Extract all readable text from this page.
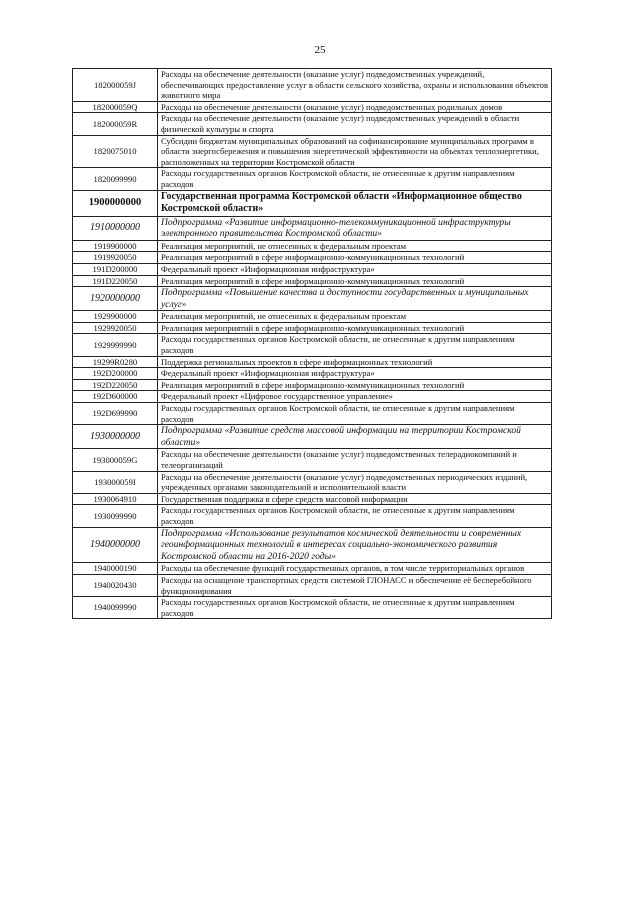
25
182000059J	Расходы на обеспечение деятельности (оказание услуг) подведомственных учреждений, обеспечивающих предоставление услуг в области сельского хозяйства, охраны и использования объектов животного мира
182000059Q	Расходы на обеспечение деятельности (оказание услуг) подведомственных родильных домов
182000059R	Расходы на обеспечение деятельности (оказание услуг) подведомственных учреждений в области физической культуры и спорта
1820075010	Субсидии бюджетам муниципальных образований на софинансирование муниципальных программ в области энергосбережения и повышения энергетической эффективности на объектах теплоэнергетики, расположенных на территории Костромской области
1820099990	Расходы государственных органов Костромской области, не отнесенные к другим направлениям расходов
1900000000	Государственная программа Костромской области «Информационное общество Костромской области»
1910000000	Подпрограмма «Развитие информационно-телекоммуникационной инфраструктуры электронного правительства Костромской области»
1919900000	Реализация мероприятий, не отнесенных к федеральным проектам
1919920050	Реализация мероприятий в сфере информационно-коммуникационных технологий
191D200000	Федеральный проект «Информационная инфраструктура»
191D220050	Реализация мероприятий в сфере информационно-коммуникационных технологий
1920000000	Подпрограмма «Повышение качества и доступности государственных и муниципальных услуг»
1929900000	Реализация мероприятий, не отнесенных к федеральным проектам
1929920050	Реализация мероприятий в сфере информационно-коммуникационных технологий
1929999990	Расходы государственных органов Костромской области, не отнесенные к другим направлениям расходов
19299R0280	Поддержка региональных проектов в сфере информационных технологий
192D200000	Федеральный проект «Информационная инфраструктура»
192D220050	Реализация мероприятий в сфере информационно-коммуникационных технологий
192D600000	Федеральный проект «Цифровое государственное управление»
192D699990	Расходы государственных органов Костромской области, не отнесенные к другим направлениям расходов
1930000000	Подпрограмма «Развитие средств массовой информации на территории Костромской области»
193000059G	Расходы на обеспечение деятельности (оказание услуг) подведомственных телерадиокомпаний и телеорганизаций
193000059I	Расходы на обеспечение деятельности (оказание услуг) подведомственных периодических изданий, учрежденных органами законодательной и исполнительной власти
1930064910	Государственная поддержка в сфере средств массовой информации
1930099990	Расходы государственных органов Костромской области, не отнесенные к другим направлениям расходов
1940000000	Подпрограмма «Использование результатов космической деятельности и современных геоинформационных технологий в интересах социально-экономического развития Костромской области на 2016-2020 годы»
1940000190	Расходы на обеспечение функций государственных органов, в том числе территориальных органов
1940020430	Расходы на оснащение транспортных средств системой ГЛОНАСС и обеспечение её бесперебойного функционирования
1940099990	Расходы государственных органов Костромской области, не отнесенные к другим направлениям расходов
